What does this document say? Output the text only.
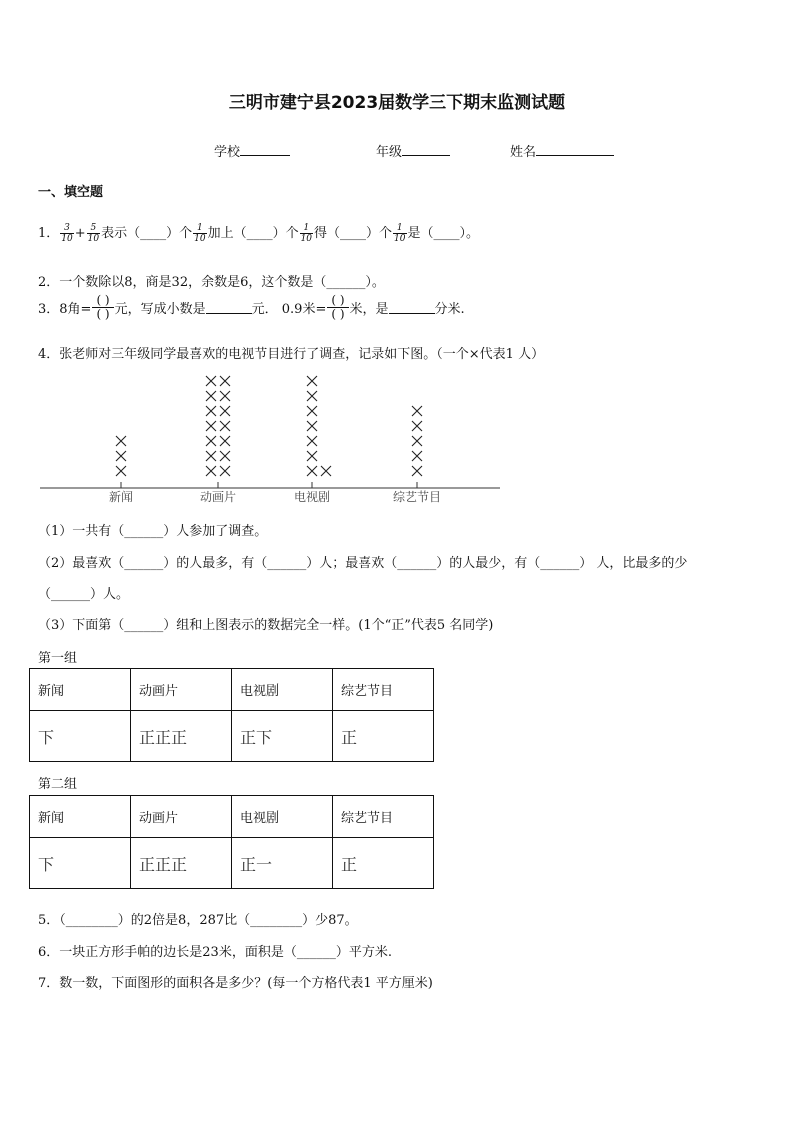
三明市建宁县2023届数学三下期末监测试题
学校	年级	姓名
一、填空题
1． $\frac{3}{10} + \frac{5}{10}$ 表示（____）个 $\frac{1}{10}$ 加上（____）个 $\frac{1}{10}$ 得（____）个 $\frac{1}{10}$ 是（____）。
2．一个数除以8，商是32，余数是6，这个数是（______）。
3．8角= $\frac{( )}{( )}$ 元，写成小数是	元． 0.9米= $\frac{( )}{( )}$ 米，是	分米.
4．张老师对三年级同学最喜欢的电视节目进行了调查，记录如下图。（一个×代表1 人）
新闻	动画片	电视剧	综艺节目
（1）一共有（______）人参加了调查。
（2）最喜欢（______）的人最多，有（______）人；最喜欢（______）的人最少，有（______） 人，比最多的少
（______）人。
（3）下面第（______）组和上图表示的数据完全一样。(1个“正”代表5 名同学)
第一组
新闻	动画片	电视剧	综艺节目
下	正正正	正下	正
第二组
新闻	动画片	电视剧	综艺节目
下	正正正	正一	正
5．（________）的2倍是8，287比（________）少87。
6．一块正方形手帕的边长是23米，面积是（______）平方米.
7．数一数，下面图形的面积各是多少？(每一个方格代表1 平方厘米)
